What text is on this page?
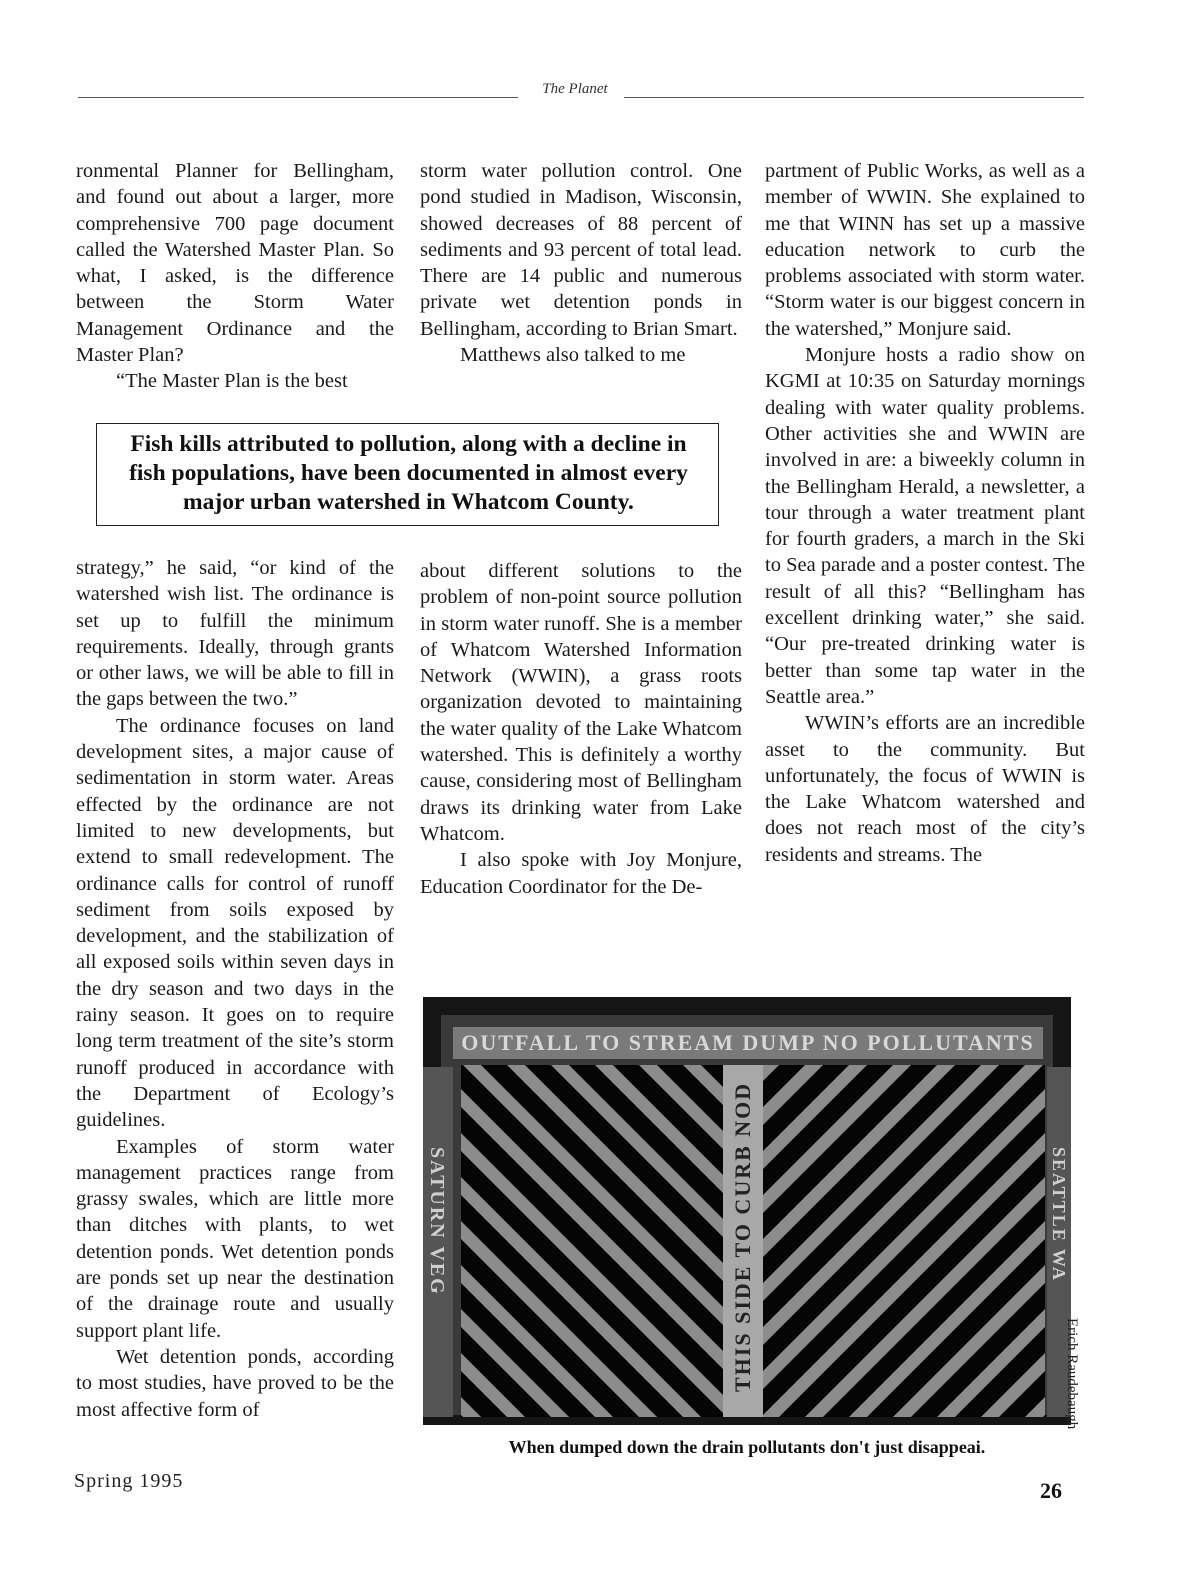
The Planet

ronmental Planner for Bellingham, and found out about a larger, more comprehensive 700 page document called the Watershed Master Plan. So what, I asked, is the difference between the Storm Water Management Ordinance and the Master Plan?

“The Master Plan is the best

storm water pollution control. One pond studied in Madison, Wisconsin, showed decreases of 88 percent of sediments and 93 percent of total lead. There are 14 public and numerous private wet detention ponds in Bellingham, according to Brian Smart.

Matthews also talked to me

partment of Public Works, as well as a member of WWIN. She explained to me that WINN has set up a massive education network to curb the problems associated with storm water. “Storm water is our biggest concern in the watershed,” Monjure said.

Monjure hosts a radio show on KGMI at 10:35 on Saturday mornings dealing with water quality problems. Other activities she and WWIN are involved in are: a biweekly column in the Bellingham Herald, a newsletter, a tour through a water treatment plant for fourth graders, a march in the Ski to Sea parade and a poster contest. The result of all this? “Bellingham has excellent drinking water,” she said. “Our pre-treated drinking water is better than some tap water in the Seattle area.”

WWIN’s efforts are an incredible asset to the community. But unfortunately, the focus of WWIN is the Lake Whatcom watershed and does not reach most of the city’s residents and streams. The

Fish kills attributed to pollution, along with a decline in fish populations, have been documented in almost every major urban watershed in Whatcom County.

strategy,” he said, “or kind of the watershed wish list. The ordinance is set up to fulfill the minimum requirements. Ideally, through grants or other laws, we will be able to fill in the gaps between the two.”

The ordinance focuses on land development sites, a major cause of sedimentation in storm water. Areas effected by the ordinance are not limited to new developments, but extend to small redevelopment. The ordinance calls for control of runoff sediment from soils exposed by development, and the stabilization of all exposed soils within seven days in the dry season and two days in the rainy season. It goes on to require long term treatment of the site’s storm runoff produced in accordance with the Department of Ecology’s guidelines.

Examples of storm water management practices range from grassy swales, which are little more than ditches with plants, to wet detention ponds. Wet detention ponds are ponds set up near the destination of the drainage route and usually support plant life.

Wet detention ponds, according to most studies, have proved to be the most affective form of

about different solutions to the problem of non-point source pollution in storm water runoff. She is a member of Whatcom Watershed Information Network (WWIN), a grass roots organization devoted to maintaining the water quality of the Lake Whatcom watershed. This is definitely a worthy cause, considering most of Bellingham draws its drinking water from Lake Whatcom.

I also spoke with Joy Monjure, Education Coordinator for the De-

OUTFALL TO STREAM DUMP NO POLLUTANTS
THIS SIDE TO CURB NOD
SATURN VEG	SEATTLE WA
Erich Raudebaugh
When dumped down the drain pollutants don't just disappeai.
Spring 1995	26
